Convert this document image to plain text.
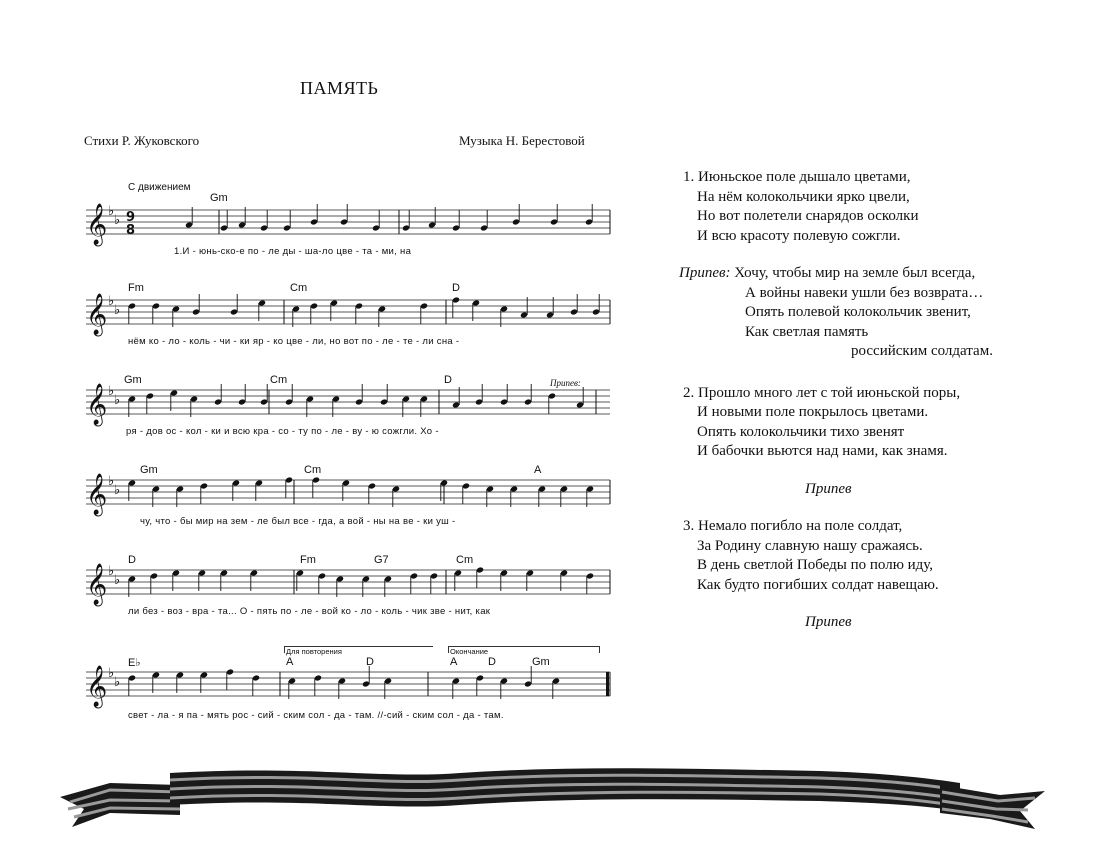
ПАМЯТЬ
Стихи Р. Жуковского	Музыка Н. Берестовой
С движением
Gm
𝄞 ♭
♭ 9
8
1.И - юнь-ско-е по - ле ды - ша-ло цве - та - ми, на
Fm	Cm	D
𝄞 ♭
♭
нём ко - ло - коль - чи - ки яр - ко цве - ли, но вот по - ле - те - ли сна -
Gm	Cm	D	Припев:
𝄞 ♭
♭
ря - дов ос - кол - ки и всю кра - со - ту по - ле - ву - ю сожгли. Хо -
Gm	Cm	A
𝄞 ♭
♭
чу, что - бы мир на зем - ле был все - гда, а вой - ны на ве - ки уш -
D	Fm	G7	Cm
𝄞 ♭
♭
ли без - воз - вра - та... О - пять по - ле - вой ко - ло - коль - чик зве - нит, как
Для повторения	Окончание
E♭	A	D	A	D	Gm
𝄞 ♭
♭
свет - ла - я па - мять рос - сий - ским сол - да - там. //-сий - ским сол - да - там.
1. Июньское поле дышало цветами,
На нём колокольчики ярко цвели,
Но вот полетели снарядов осколки
И всю красоту полевую сожгли.
Припев: Хочу, чтобы мир на земле был всегда,
А войны навеки ушли без возврата…
Опять полевой колокольчик звенит,
Как светлая память
российским солдатам.
2. Прошло много лет с той июньской поры,
И новыми поле покрылось цветами.
Опять колокольчики тихо звенят
И бабочки вьются над нами, как знамя.
Припев
3. Немало погибло на поле солдат,
За Родину славную нашу сражаясь.
В день светлой Победы по полю иду,
Как будто погибших солдат навещаю.
Припев
